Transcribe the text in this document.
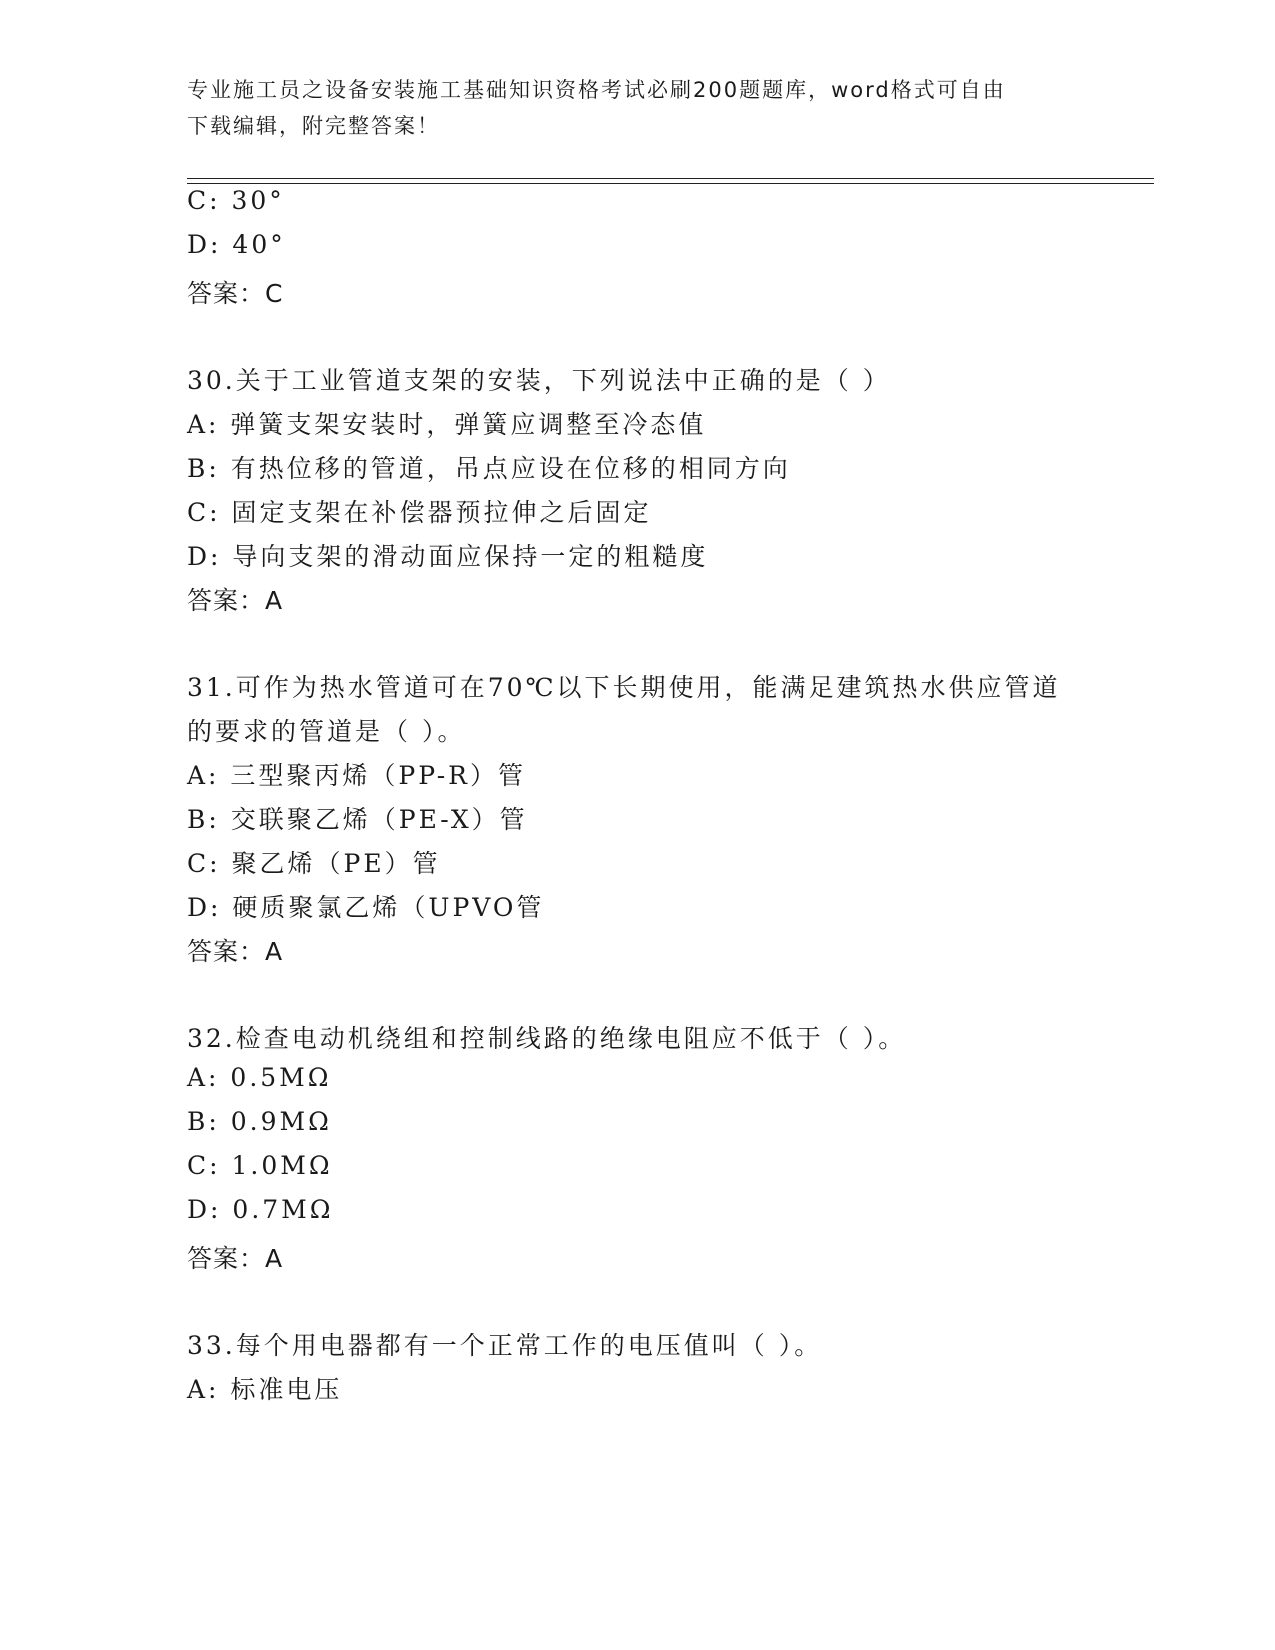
专业施工员之设备安装施工基础知识资格考试必刷200题题库，word格式可自由
下载编辑，附完整答案！
C: 30°
D: 40°
答案：C
30.关于工业管道支架的安装，下列说法中正确的是（ ）
A: 弹簧支架安装时，弹簧应调整至冷态值
B: 有热位移的管道，吊点应设在位移的相同方向
C: 固定支架在补偿器预拉伸之后固定
D: 导向支架的滑动面应保持一定的粗糙度
答案：A
31.可作为热水管道可在70℃以下长期使用，能满足建筑热水供应管道
的要求的管道是（ ）。
A: 三型聚丙烯（PP-R）管
B: 交联聚乙烯（PE-X）管
C: 聚乙烯（PE）管
D: 硬质聚氯乙烯（UPVO管
答案：A
32.检查电动机绕组和控制线路的绝缘电阻应不低于（ ）。
A: 0.5MΩ
B: 0.9MΩ
C: 1.0MΩ
D: 0.7MΩ
答案：A
33.每个用电器都有一个正常工作的电压值叫（ ）。
A: 标准电压
